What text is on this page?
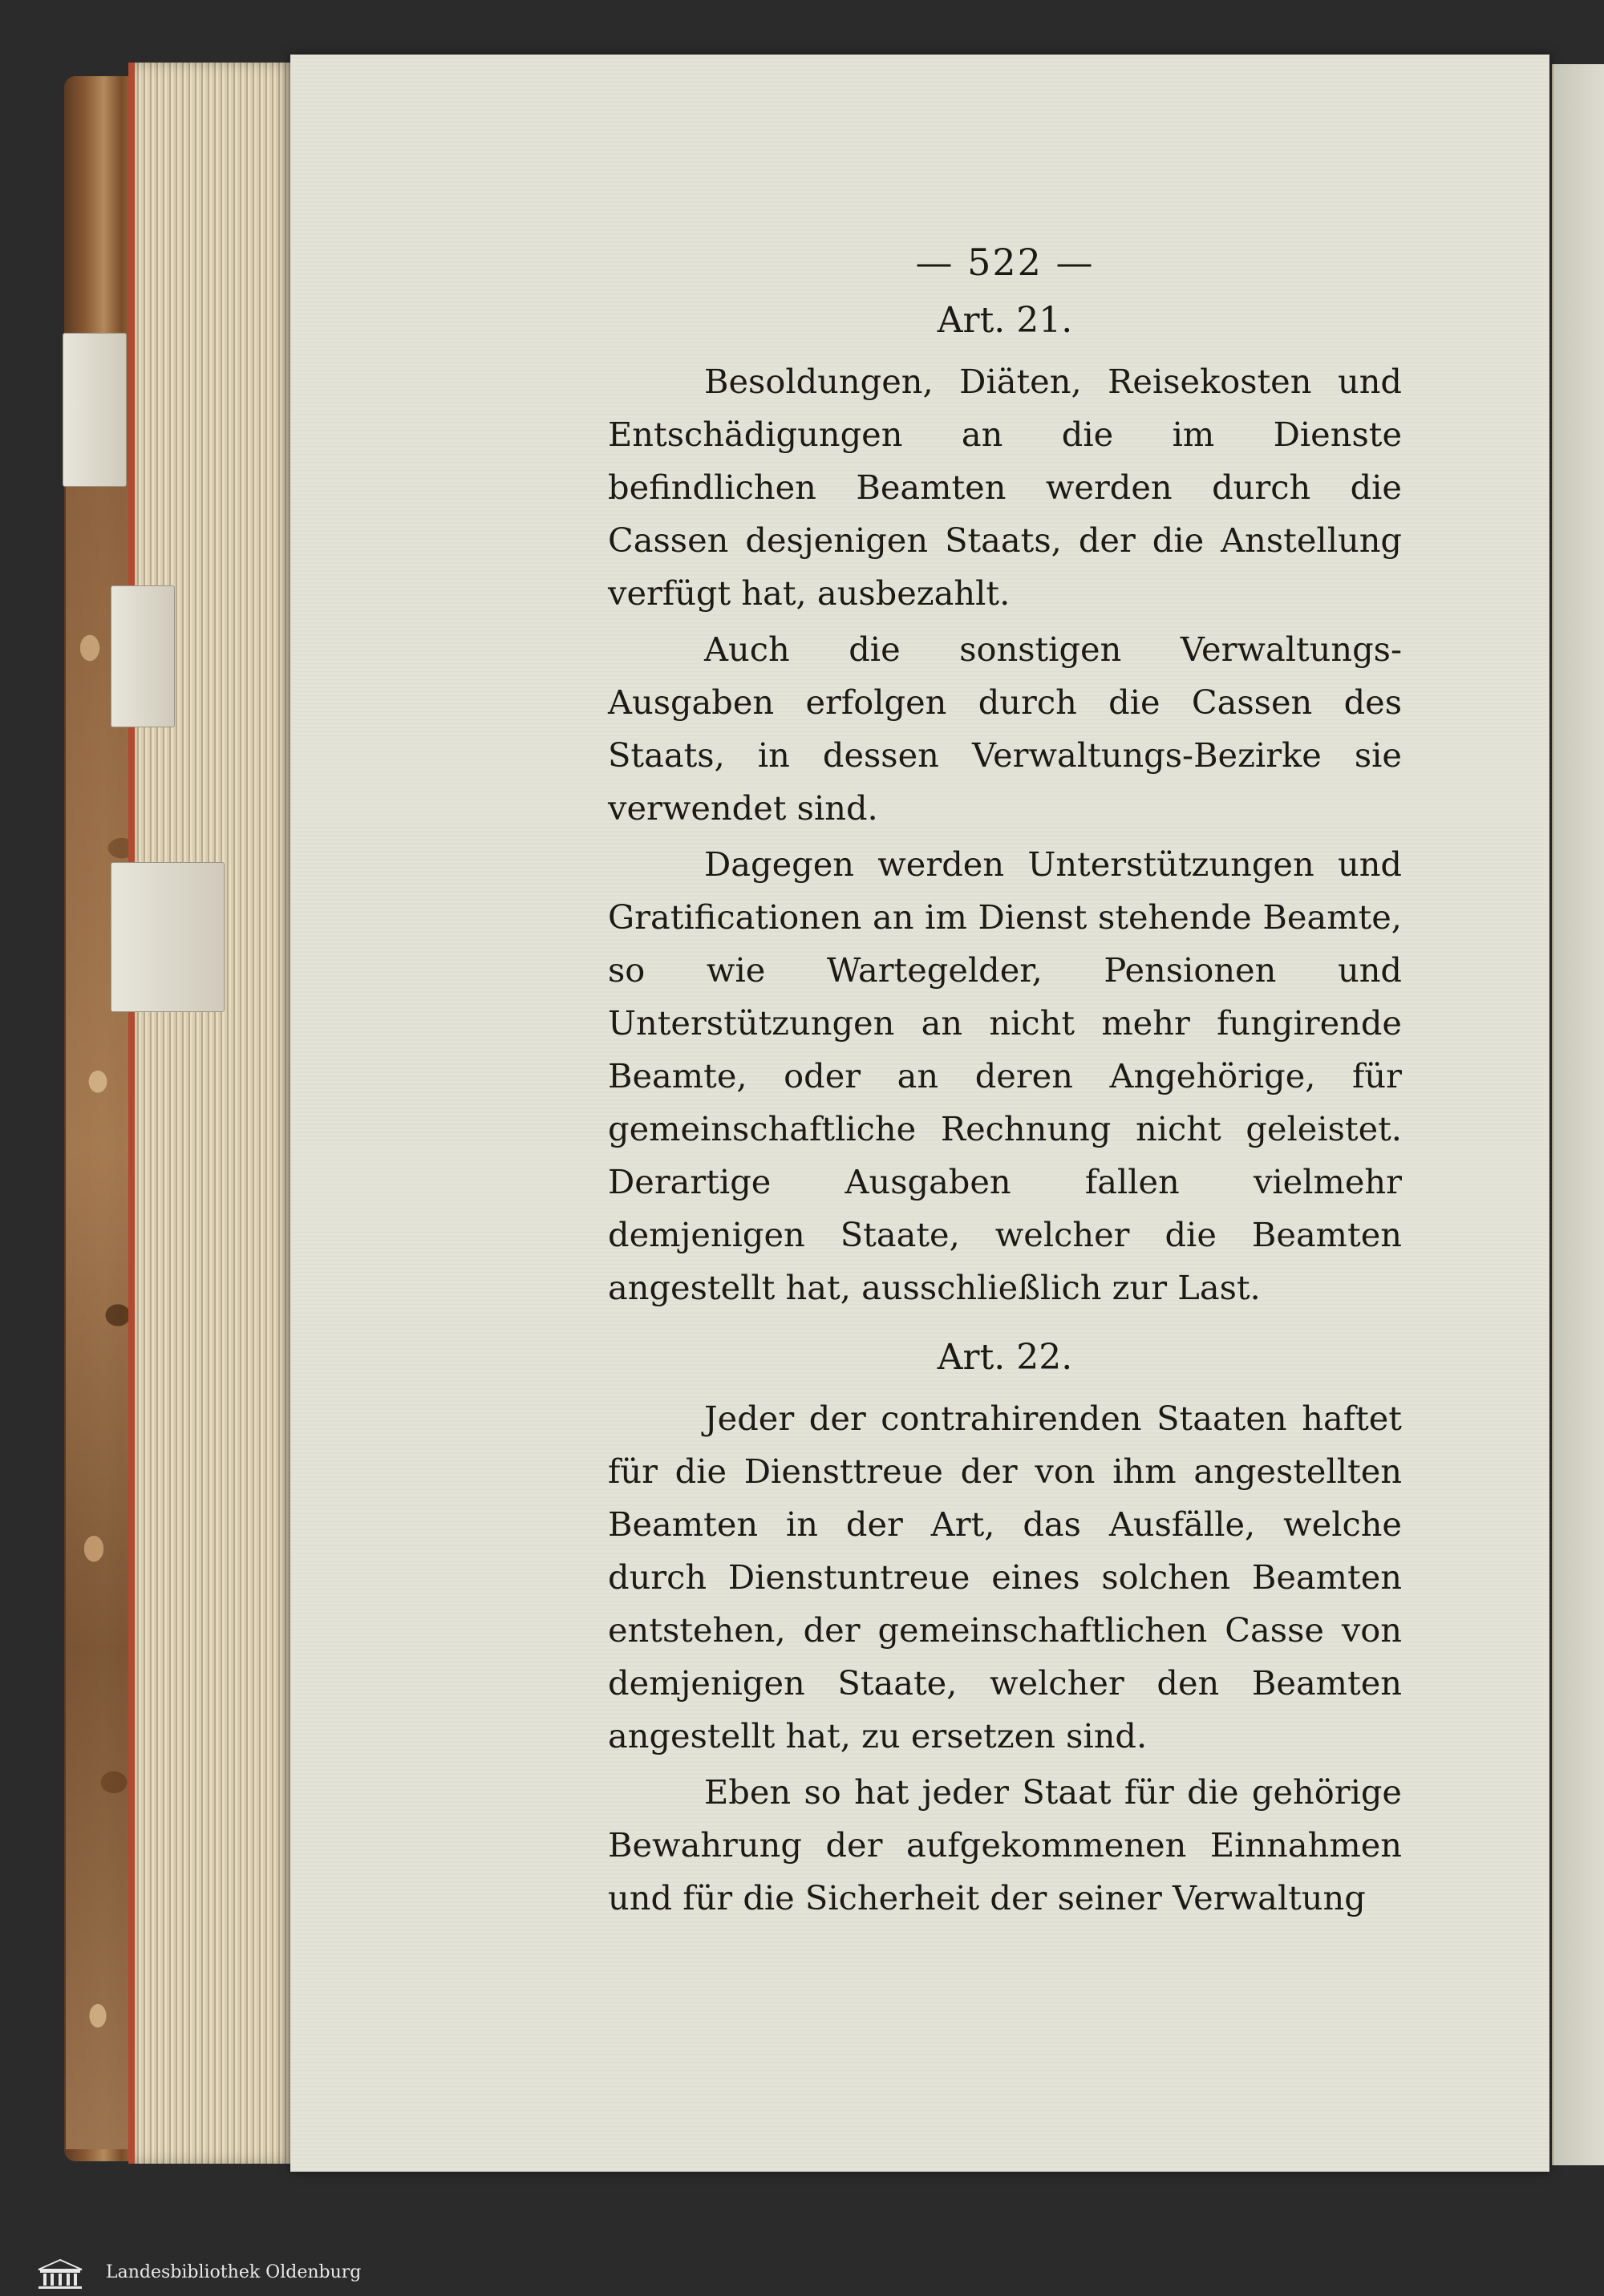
— 522 —
Art. 21.

Besoldungen, Diäten, Reisekosten und Entschädigungen an die im Dienste befindlichen Beamten werden durch die Cassen desjenigen Staats, der die Anstellung verfügt hat, ausbezahlt.

Auch die sonstigen Verwaltungs-Ausgaben erfolgen durch die Cassen des Staats, in dessen Verwaltungs-Bezirke sie verwendet sind.

Dagegen werden Unterstützungen und Gratificationen an im Dienst stehende Beamte, so wie Wartegelder, Pensionen und Unterstützungen an nicht mehr fungirende Beamte, oder an deren Angehörige, für gemeinschaftliche Rechnung nicht geleistet. Derartige Ausgaben fallen vielmehr demjenigen Staate, welcher die Beamten angestellt hat, ausschließlich zur Last.

Art. 22.

Jeder der contrahirenden Staaten haftet für die Diensttreue der von ihm angestellten Beamten in der Art, das Ausfälle, welche durch Dienstuntreue eines solchen Beamten entstehen, der gemeinschaftlichen Casse von demjenigen Staate, welcher den Beamten angestellt hat, zu ersetzen sind.

Eben so hat jeder Staat für die gehörige Bewahrung der aufgekommenen Einnahmen und für die Sicherheit der seiner Verwaltung

Landesbibliothek Oldenburg
